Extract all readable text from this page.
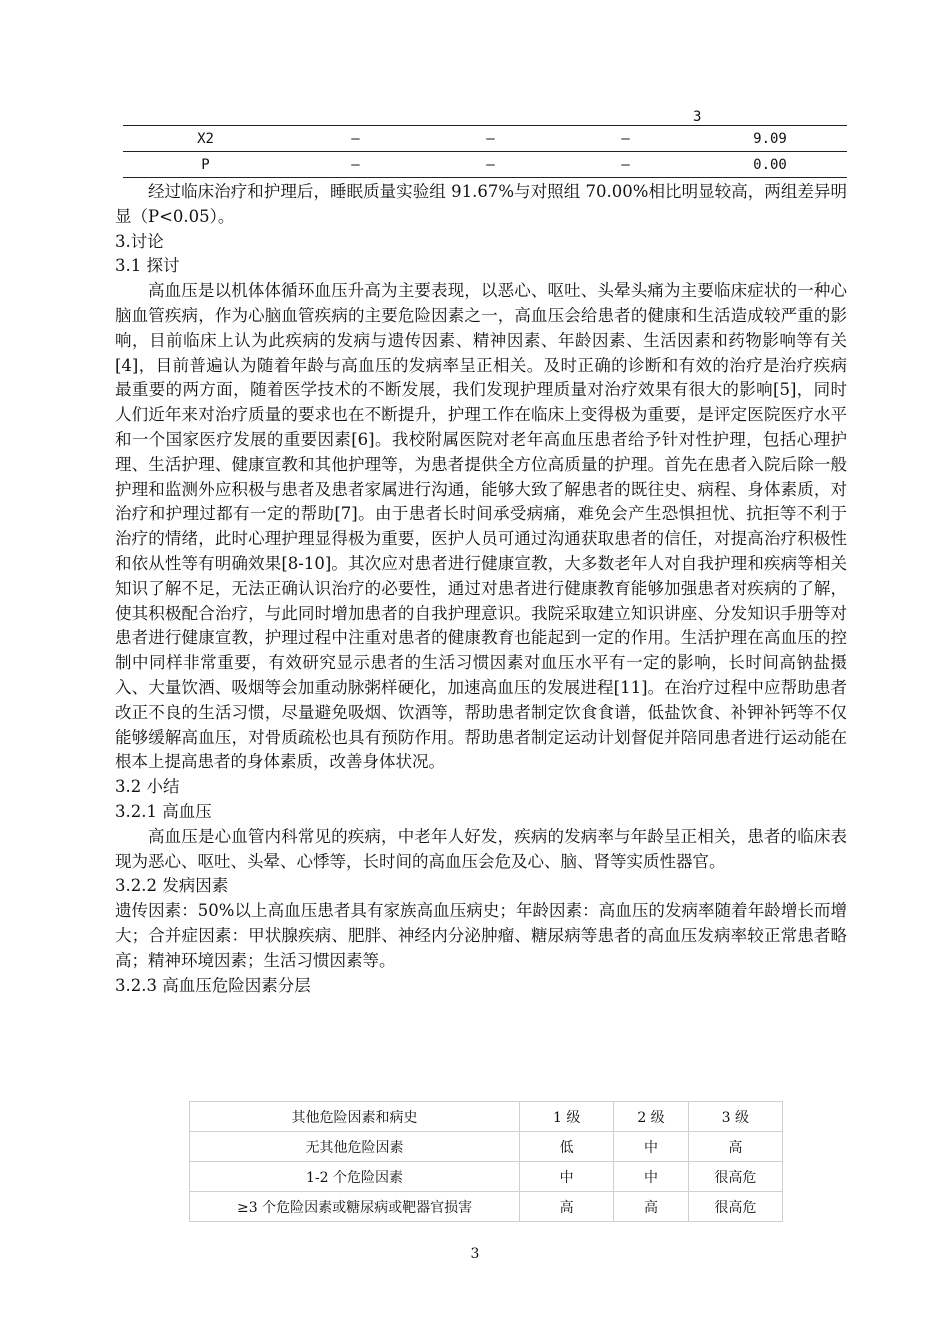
				3
X2	—	—	—	9.09
P	—	—	—	0.00

经过临床治疗和护理后，睡眠质量实验组 91.67%与对照组 70.00%相比明显较高，两组差异明显（P<0.05）。

3.讨论

3.1 探讨

高血压是以机体体循环血压升高为主要表现，以恶心、呕吐、头晕头痛为主要临床症状的一种心脑血管疾病，作为心脑血管疾病的主要危险因素之一，高血压会给患者的健康和生活造成较严重的影响，目前临床上认为此疾病的发病与遗传因素、精神因素、年龄因素、生活因素和药物影响等有关[4]，目前普遍认为随着年龄与高血压的发病率呈正相关。及时正确的诊断和有效的治疗是治疗疾病最重要的两方面，随着医学技术的不断发展，我们发现护理质量对治疗效果有很大的影响[5]，同时人们近年来对治疗质量的要求也在不断提升，护理工作在临床上变得极为重要，是评定医院医疗水平和一个国家医疗发展的重要因素[6]。我校附属医院对老年高血压患者给予针对性护理，包括心理护理、生活护理、健康宣教和其他护理等，为患者提供全方位高质量的护理。首先在患者入院后除一般护理和监测外应积极与患者及患者家属进行沟通，能够大致了解患者的既往史、病程、身体素质，对治疗和护理过都有一定的帮助[7]。由于患者长时间承受病痛，难免会产生恐惧担忧、抗拒等不利于治疗的情绪，此时心理护理显得极为重要，医护人员可通过沟通获取患者的信任，对提高治疗积极性和依从性等有明确效果[8-10]。其次应对患者进行健康宣教，大多数老年人对自我护理和疾病等相关知识了解不足，无法正确认识治疗的必要性，通过对患者进行健康教育能够加强患者对疾病的了解，使其积极配合治疗，与此同时增加患者的自我护理意识。我院采取建立知识讲座、分发知识手册等对患者进行健康宣教，护理过程中注重对患者的健康教育也能起到一定的作用。生活护理在高血压的控制中同样非常重要，有效研究显示患者的生活习惯因素对血压水平有一定的影响，长时间高钠盐摄入、大量饮酒、吸烟等会加重动脉粥样硬化，加速高血压的发展进程[11]。在治疗过程中应帮助患者改正不良的生活习惯，尽量避免吸烟、饮酒等，帮助患者制定饮食食谱，低盐饮食、补钾补钙等不仅能够缓解高血压，对骨质疏松也具有预防作用。帮助患者制定运动计划督促并陪同患者进行运动能在根本上提高患者的身体素质，改善身体状况。

3.2 小结

3.2.1 高血压

高血压是心血管内科常见的疾病，中老年人好发，疾病的发病率与年龄呈正相关，患者的临床表现为恶心、呕吐、头晕、心悸等，长时间的高血压会危及心、脑、肾等实质性器官。

3.2.2 发病因素

遗传因素：50%以上高血压患者具有家族高血压病史；年龄因素：高血压的发病率随着年龄增长而增大；合并症因素：甲状腺疾病、肥胖、神经内分泌肿瘤、糖尿病等患者的高血压发病率较正常患者略高；精神环境因素；生活习惯因素等。

3.2.3 高血压危险因素分层

其他危险因素和病史	1 级	2 级	3 级
无其他危险因素	低	中	高
1-2 个危险因素	中	中	很高危
≥3 个危险因素或糖尿病或靶器官损害	高	高	很高危
3
